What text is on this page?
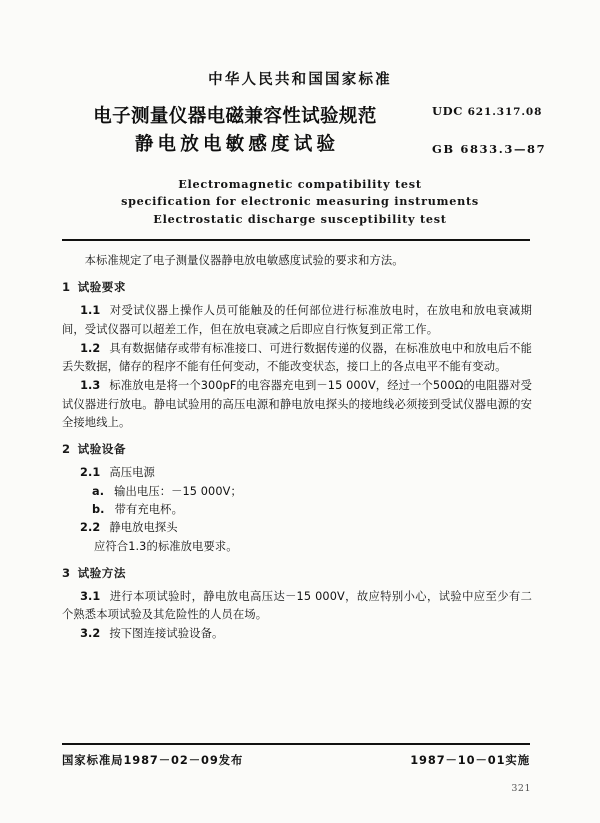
中华人民共和国国家标准
电子测量仪器电磁兼容性试验规范
静电放电敏感度试验
UDC 621.317.08
GB 6833.3—87
Electromagnetic compatibility test
specification for electronic measuring instruments
Electrostatic discharge susceptibility test

本标准规定了电子测量仪器静电放电敏感度试验的要求和方法。

1 试验要求

1.1 对受试仪器上操作人员可能触及的任何部位进行标准放电时，在放电和放电衰减期间，受试仪器可以超差工作，但在放电衰减之后即应自行恢复到正常工作。

1.2 具有数据储存或带有标准接口、可进行数据传递的仪器，在标准放电中和放电后不能丢失数据，储存的程序不能有任何变动，不能改变状态，接口上的各点电平不能有变动。

1.3 标准放电是将一个300pF的电容器充电到－15 000V，经过一个500Ω的电阻器对受试仪器进行放电。静电试验用的高压电源和静电放电探头的接地线必须接到受试仪器电源的安全接地线上。

2 试验设备

2.1 高压电源

a. 输出电压：－15 000V；

b. 带有充电杯。

2.2 静电放电探头

应符合1.3的标准放电要求。

3 试验方法

3.1 进行本项试验时，静电放电高压达－15 000V，故应特别小心，试验中应至少有二个熟悉本项试验及其危险性的人员在场。

3.2 按下图连接试验设备。

国家标准局1987－02－09发布	1987－10－01实施
321
